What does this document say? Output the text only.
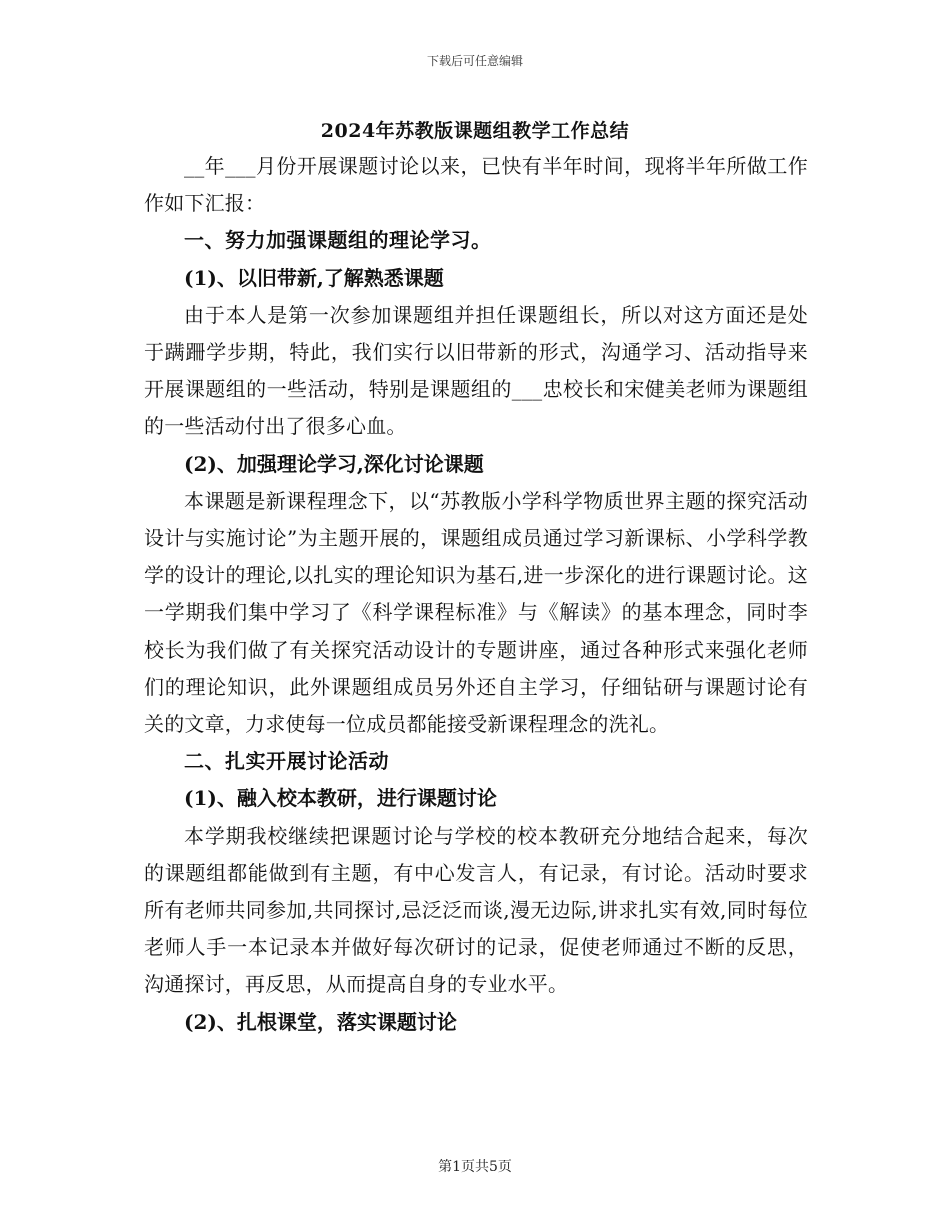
下载后可任意编辑
2024年苏教版课题组教学工作总结

__年___月份开展课题讨论以来，已快有半年时间，现将半年所做工作作如下汇报：

一、努力加强课题组的理论学习。
(1)、以旧带新,了解熟悉课题

由于本人是第一次参加课题组并担任课题组长，所以对这方面还是处于蹒跚学步期，特此，我们实行以旧带新的形式，沟通学习、活动指导来开展课题组的一些活动，特别是课题组的___忠校长和宋健美老师为课题组的一些活动付出了很多心血。

(2)、加强理论学习,深化讨论课题

本课题是新课程理念下，以“苏教版小学科学物质世界主题的探究活动设计与实施讨论”为主题开展的，课题组成员通过学习新课标、小学科学教学的设计的理论,以扎实的理论知识为基石,进一步深化的进行课题讨论。这一学期我们集中学习了《科学课程标准》与《解读》的基本理念，同时李校长为我们做了有关探究活动设计的专题讲座，通过各种形式来强化老师们的理论知识，此外课题组成员另外还自主学习，仔细钻研与课题讨论有关的文章，力求使每一位成员都能接受新课程理念的洗礼。

二、扎实开展讨论活动
(1)、融入校本教研，进行课题讨论

本学期我校继续把课题讨论与学校的校本教研充分地结合起来，每次的课题组都能做到有主题，有中心发言人，有记录，有讨论。活动时要求所有老师共同参加,共同探讨,忌泛泛而谈,漫无边际,讲求扎实有效,同时每位老师人手一本记录本并做好每次研讨的记录，促使老师通过不断的反思，沟通探讨，再反思，从而提高自身的专业水平。

(2)、扎根课堂，落实课题讨论
第1页共5页
